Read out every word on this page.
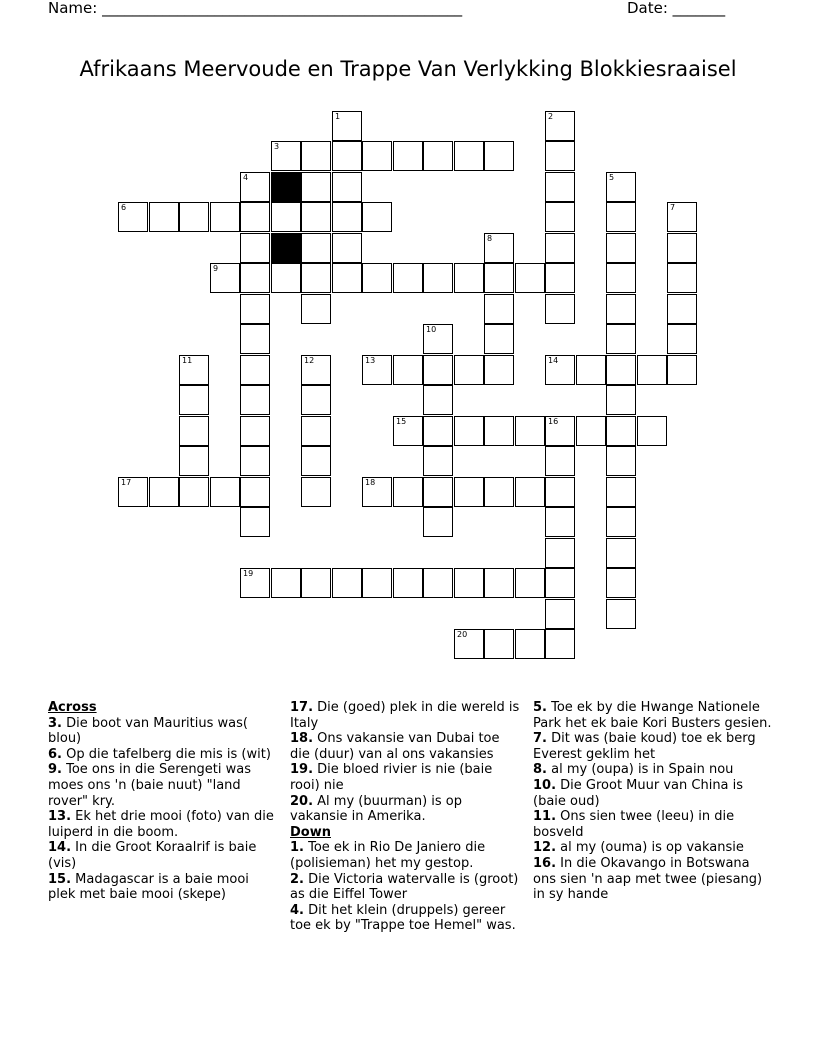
Name: ________________________________________________	Date: _______
Afrikaans Meervoude en Trappe Van Verlykking Blokkiesraaisel
1	2
3
4	5
6	7
8
9
10
11	12	13	14
15	16
17	18
19
20
Across
3. Die boot van Mauritius was( blou)
6. Op die tafelberg die mis is (wit)
9. Toe ons in die Serengeti was moes ons 'n (baie nuut) "land rover" kry.
13. Ek het drie mooi (foto) van die luiperd in die boom.
14. In die Groot Koraalrif is baie (vis)
15. Madagascar is a baie mooi plek met baie mooi (skepe)
17. Die (goed) plek in die wereld is Italy
18. Ons vakansie van Dubai toe die (duur) van al ons vakansies
19. Die bloed rivier is nie (baie rooi) nie
20. Al my (buurman) is op vakansie in Amerika.
Down
1. Toe ek in Rio De Janiero die (polisieman) het my gestop.
2. Die Victoria watervalle is (groot) as die Eiffel Tower
4. Dit het klein (druppels) gereer toe ek by "Trappe toe Hemel" was.
5. Toe ek by die Hwange Nationele Park het ek baie Kori Busters gesien.
7. Dit was (baie koud) toe ek berg Everest geklim het
8. al my (oupa) is in Spain nou
10. Die Groot Muur van China is (baie oud)
11. Ons sien twee (leeu) in die bosveld
12. al my (ouma) is op vakansie
16. In die Okavango in Botswana ons sien 'n aap met twee (piesang) in sy hande
